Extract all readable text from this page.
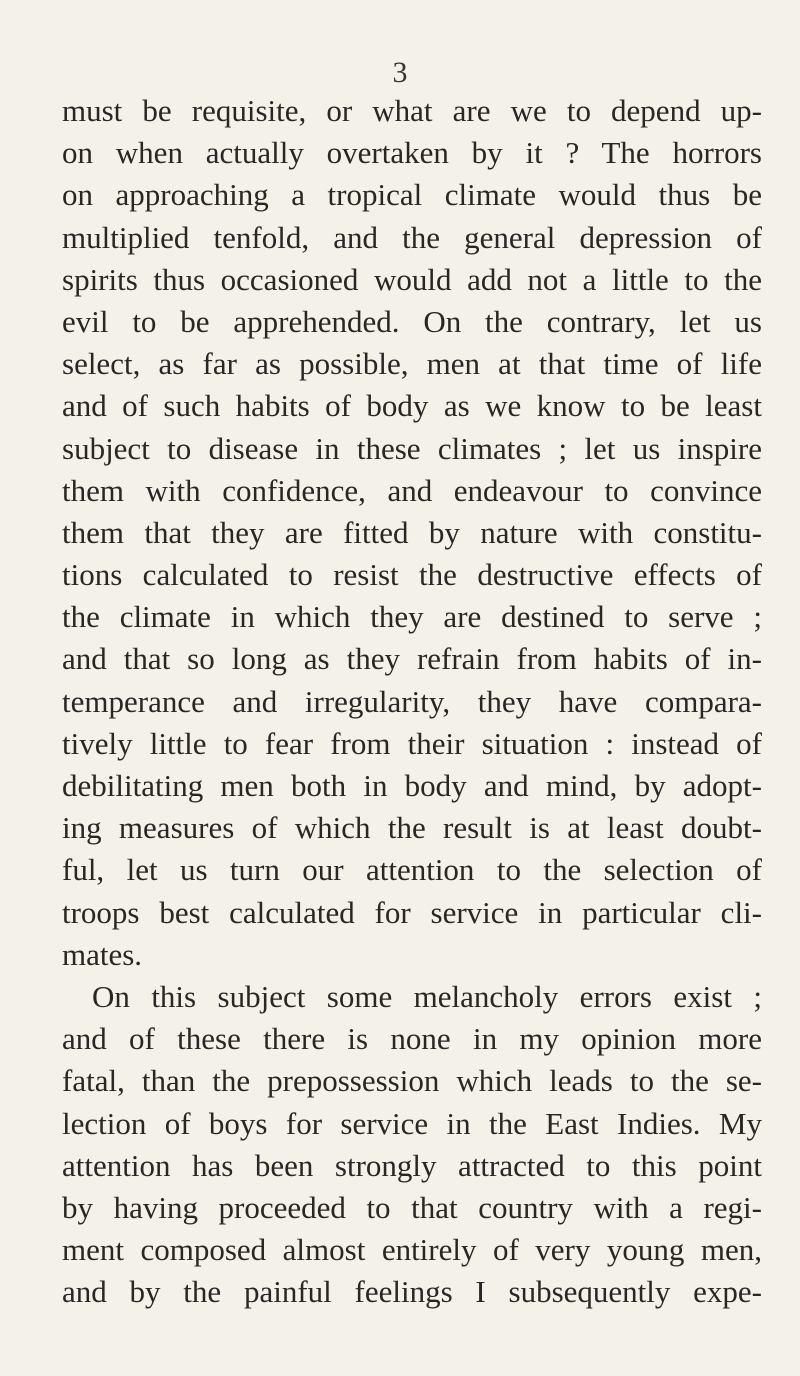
3
must be requisite, or what are we to depend up-
on when actually overtaken by it ? The horrors
on approaching a tropical climate would thus be
multiplied tenfold, and the general depression of
spirits thus occasioned would add not a little to the
evil to be apprehended. On the contrary, let us
select, as far as possible, men at that time of life
and of such habits of body as we know to be least
subject to disease in these climates ; let us inspire
them with confidence, and endeavour to convince
them that they are fitted by nature with constitu-
tions calculated to resist the destructive effects of
the climate in which they are destined to serve ;
and that so long as they refrain from habits of in-
temperance and irregularity, they have compara-
tively little to fear from their situation : instead of
debilitating men both in body and mind, by adopt-
ing measures of which the result is at least doubt-
ful, let us turn our attention to the selection of
troops best calculated for service in particular cli-
mates.
On this subject some melancholy errors exist ;
and of these there is none in my opinion more
fatal, than the prepossession which leads to the se-
lection of boys for service in the East Indies. My
attention has been strongly attracted to this point
by having proceeded to that country with a regi-
ment composed almost entirely of very young men,
and by the painful feelings I subsequently expe-
